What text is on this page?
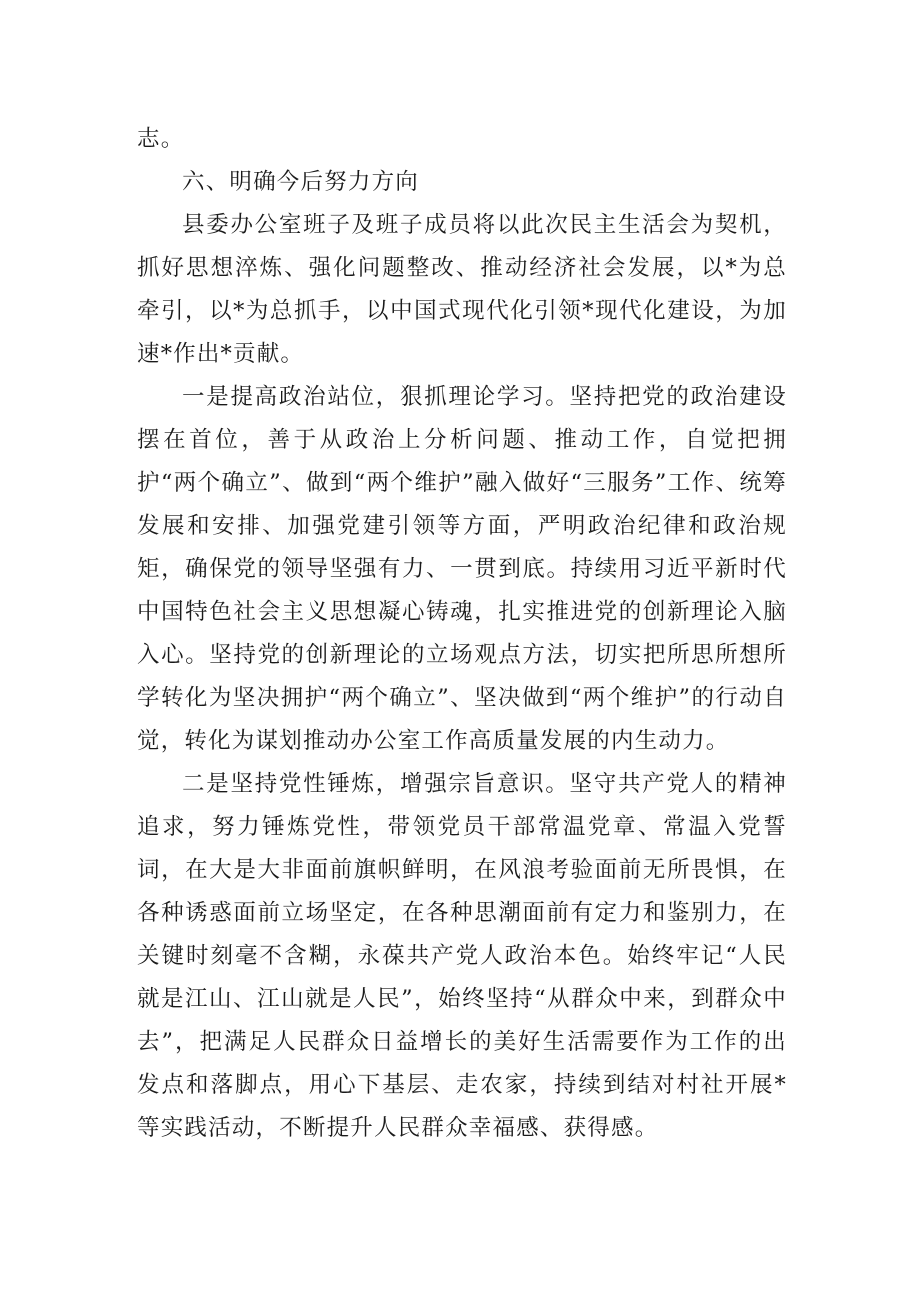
志。

六、明确今后努力方向

县委办公室班子及班子成员将以此次民主生活会为契机，抓好思想淬炼、强化问题整改、推动经济社会发展，以*为总牵引，以*为总抓手，以中国式现代化引领*现代化建设，为加速*作出*贡献。

一是提高政治站位，狠抓理论学习。坚持把党的政治建设摆在首位，善于从政治上分析问题、推动工作，自觉把拥护“两个确立”、做到“两个维护”融入做好“三服务”工作、统筹发展和安排、加强党建引领等方面，严明政治纪律和政治规矩，确保党的领导坚强有力、一贯到底。持续用习近平新时代中国特色社会主义思想凝心铸魂，扎实推进党的创新理论入脑入心。坚持党的创新理论的立场观点方法，切实把所思所想所学转化为坚决拥护“两个确立”、坚决做到“两个维护”的行动自觉，转化为谋划推动办公室工作高质量发展的内生动力。

二是坚持党性锤炼，增强宗旨意识。坚守共产党人的精神追求，努力锤炼党性，带领党员干部常温党章、常温入党誓词，在大是大非面前旗帜鲜明，在风浪考验面前无所畏惧，在各种诱惑面前立场坚定，在各种思潮面前有定力和鉴别力，在关键时刻毫不含糊，永葆共产党人政治本色。始终牢记“人民就是江山、江山就是人民”，始终坚持“从群众中来，到群众中去”，把满足人民群众日益增长的美好生活需要作为工作的出发点和落脚点，用心下基层、走农家，持续到结对村社开展*等实践活动，不断提升人民群众幸福感、获得感。
